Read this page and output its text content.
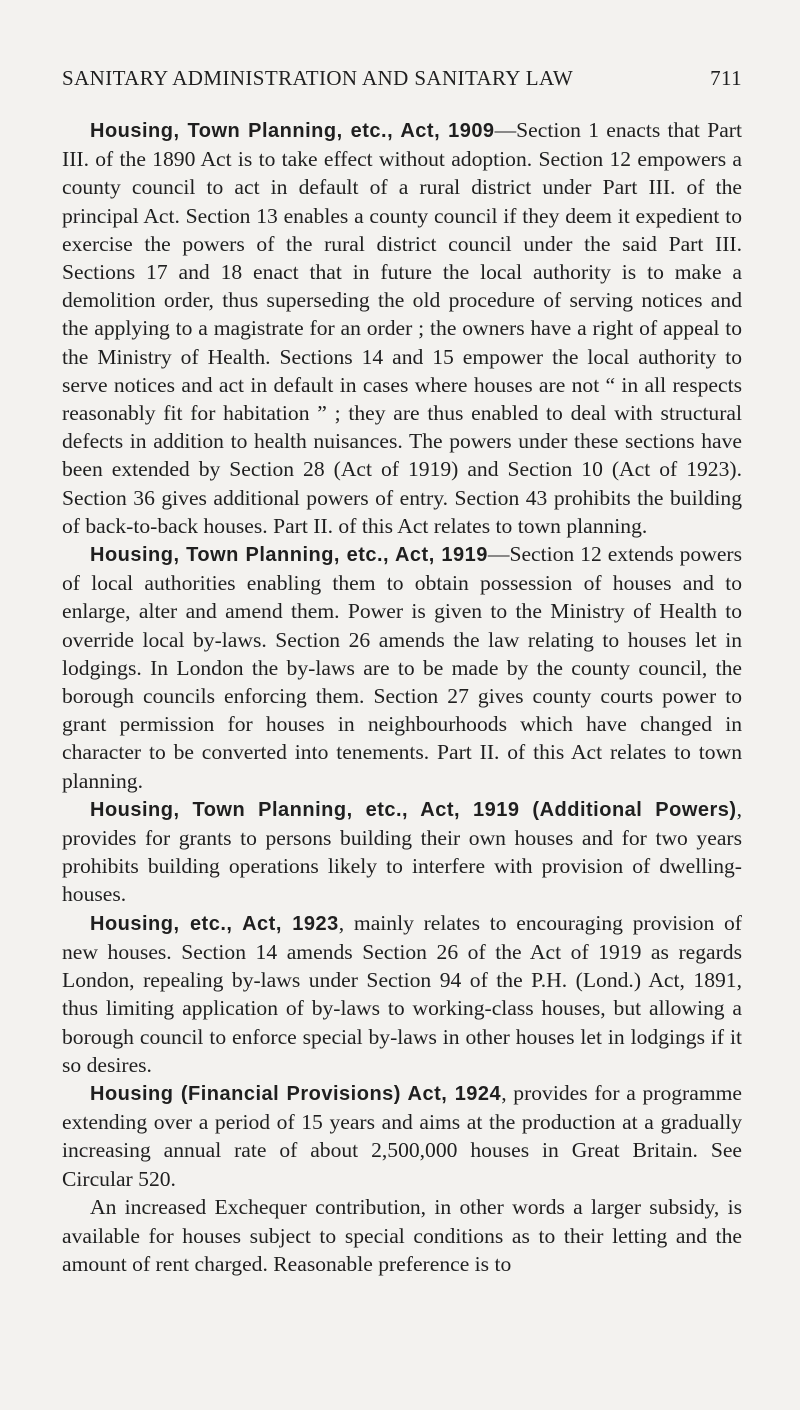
SANITARY ADMINISTRATION AND SANITARY LAW	711

Housing, Town Planning, etc., Act, 1909—Section 1 enacts that Part III. of the 1890 Act is to take effect without adoption. Section 12 empowers a county council to act in default of a rural district under Part III. of the principal Act. Section 13 enables a county council if they deem it expedient to exercise the powers of the rural district council under the said Part III. Sections 17 and 18 enact that in future the local authority is to make a demolition order, thus superseding the old procedure of serving notices and the applying to a magistrate for an order ; the owners have a right of appeal to the Ministry of Health. Sections 14 and 15 empower the local authority to serve notices and act in default in cases where houses are not “ in all respects reasonably fit for habitation ” ; they are thus enabled to deal with structural defects in addition to health nuisances. The powers under these sections have been extended by Section 28 (Act of 1919) and Section 10 (Act of 1923). Section 36 gives additional powers of entry. Section 43 prohibits the building of back-to-back houses. Part II. of this Act relates to town planning.

Housing, Town Planning, etc., Act, 1919—Section 12 extends powers of local authorities enabling them to obtain possession of houses and to enlarge, alter and amend them. Power is given to the Ministry of Health to override local by-laws. Section 26 amends the law relating to houses let in lodgings. In London the by-laws are to be made by the county council, the borough councils enforcing them. Section 27 gives county courts power to grant permission for houses in neighbourhoods which have changed in character to be converted into tenements. Part II. of this Act relates to town planning.

Housing, Town Planning, etc., Act, 1919 (Additional Powers), provides for grants to persons building their own houses and for two years prohibits building operations likely to interfere with provision of dwelling-houses.

Housing, etc., Act, 1923, mainly relates to encouraging provision of new houses. Section 14 amends Section 26 of the Act of 1919 as regards London, repealing by-laws under Section 94 of the P.H. (Lond.) Act, 1891, thus limiting application of by-laws to working-class houses, but allowing a borough council to enforce special by-laws in other houses let in lodgings if it so desires.

Housing (Financial Provisions) Act, 1924, provides for a programme extending over a period of 15 years and aims at the production at a gradually increasing annual rate of about 2,500,000 houses in Great Britain. See Circular 520.

An increased Exchequer contribution, in other words a larger subsidy, is available for houses subject to special conditions as to their letting and the amount of rent charged. Reasonable preference is to
